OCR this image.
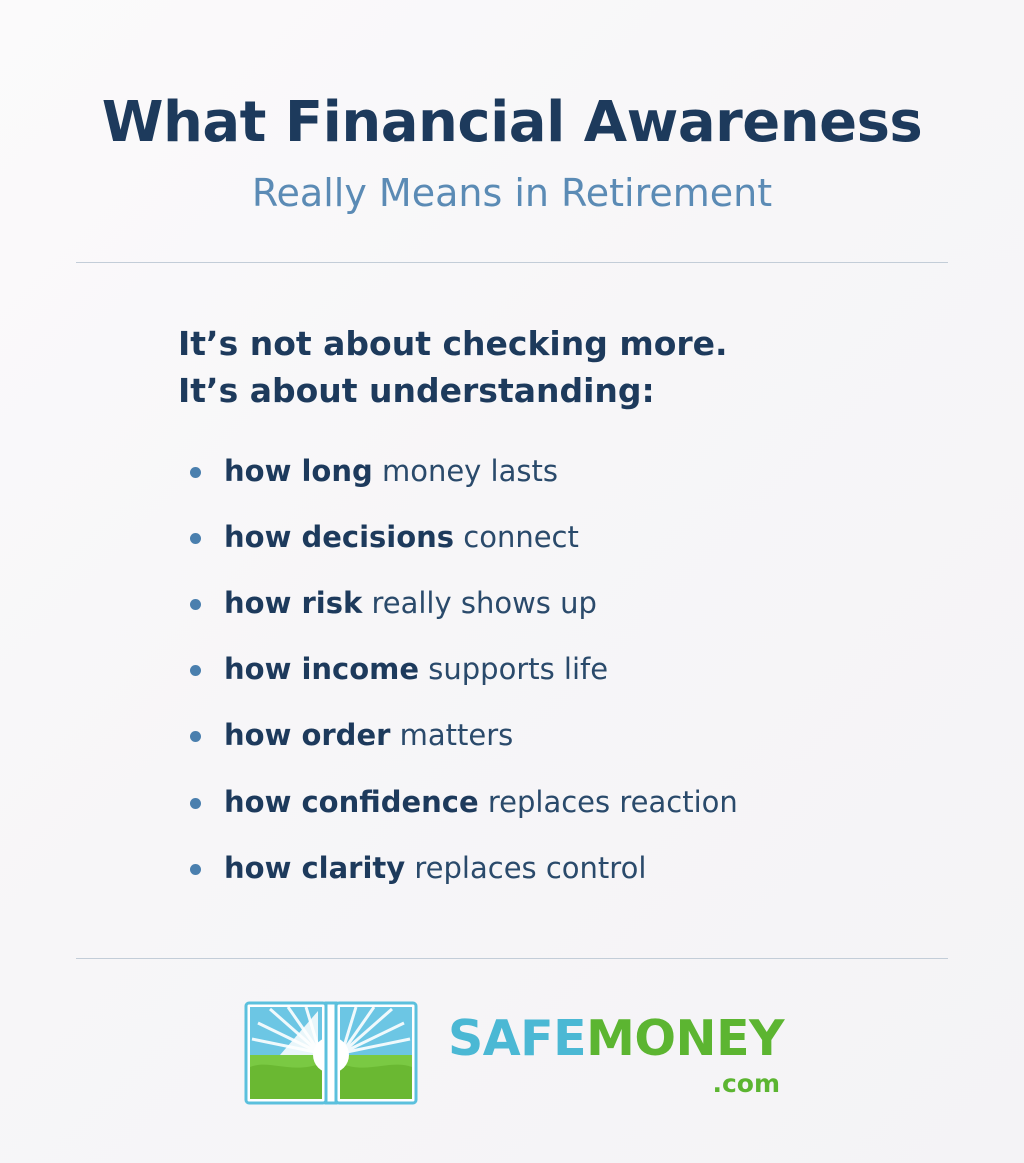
What Financial Awareness
Really Means in Retirement
It’s not about checking more.
It’s about understanding:
how long money lasts
how decisions connect
how risk really shows up
how income supports life
how order matters
how confidence replaces reaction
how clarity replaces control
SAFEMONEY
.com
